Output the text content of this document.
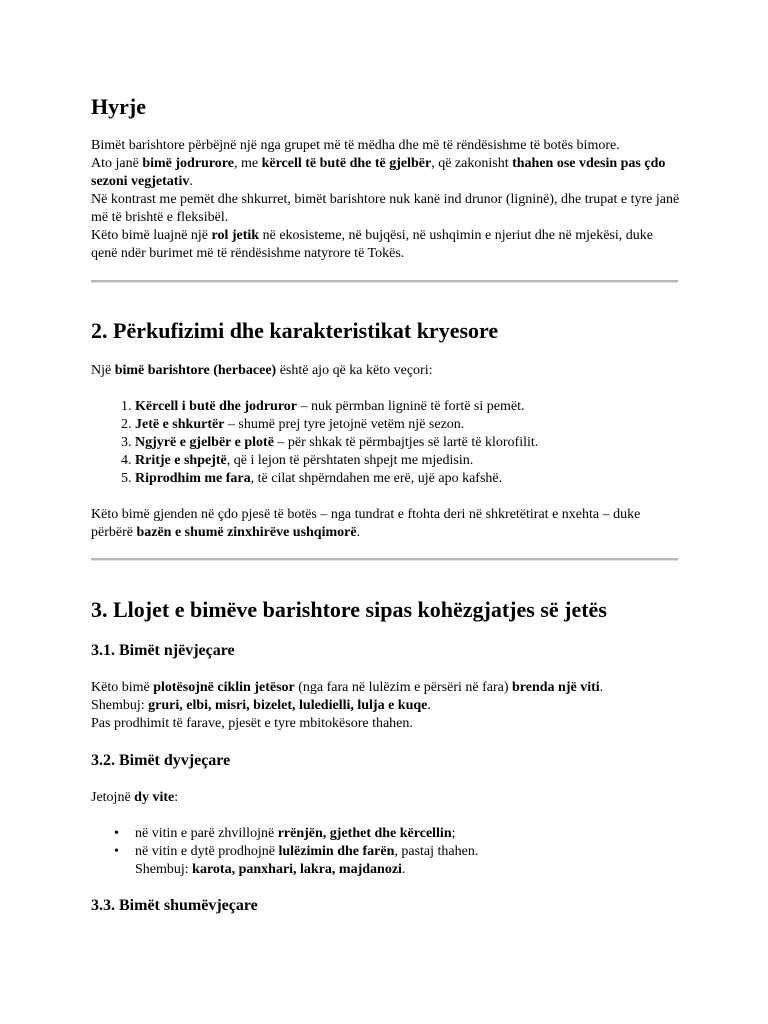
Hyrje

Bimët barishtore përbëjnë një nga grupet më të mëdha dhe më të rëndësishme të botës bimore.

Ato janë bimë jodrurore, me kërcell të butë dhe të gjelbër, që zakonisht thahen ose vdesin pas çdo sezoni vegjetativ.

Në kontrast me pemët dhe shkurret, bimët barishtore nuk kanë ind drunor (ligninë), dhe trupat e tyre janë më të brishtë e fleksibël.

Këto bimë luajnë një rol jetik në ekosisteme, në bujqësi, në ushqimin e njeriut dhe në mjekësi, duke qenë ndër burimet më të rëndësishme natyrore të Tokës.

2. Përkufizimi dhe karakteristikat kryesore

Një bimë barishtore (herbacee) është ajo që ka këto veçori:

1. Kërcell i butë dhe jodruror – nuk përmban ligninë të fortë si pemët.
2. Jetë e shkurtër – shumë prej tyre jetojnë vetëm një sezon.
3. Ngjyrë e gjelbër e plotë – për shkak të përmbajtjes së lartë të klorofilit.
4. Rritje e shpejtë, që i lejon të përshtaten shpejt me mjedisin.
5. Riprodhim me fara, të cilat shpërndahen me erë, ujë apo kafshë.

Këto bimë gjenden në çdo pjesë të botës – nga tundrat e ftohta deri në shkretëtirat e nxehta – duke përbërë bazën e shumë zinxhirëve ushqimorë.

3. Llojet e bimëve barishtore sipas kohëzgjatjes së jetës
3.1. Bimët njëvjeçare

Këto bimë plotësojnë ciklin jetësor (nga fara në lulëzim e përsëri në fara) brenda një viti.

Shembuj: gruri, elbi, misri, bizelet, luledielli, lulja e kuqe.

Pas prodhimit të farave, pjesët e tyre mbitokësore thahen.

3.2. Bimët dyvjeçare

Jetojnë dy vite:

• në vitin e parë zhvillojnë rrënjën, gjethet dhe kërcellin;
• në vitin e dytë prodhojnë lulëzimin dhe farën, pastaj thahen.
Shembuj: karota, panxhari, lakra, majdanozi.
3.3. Bimët shumëvjeçare
